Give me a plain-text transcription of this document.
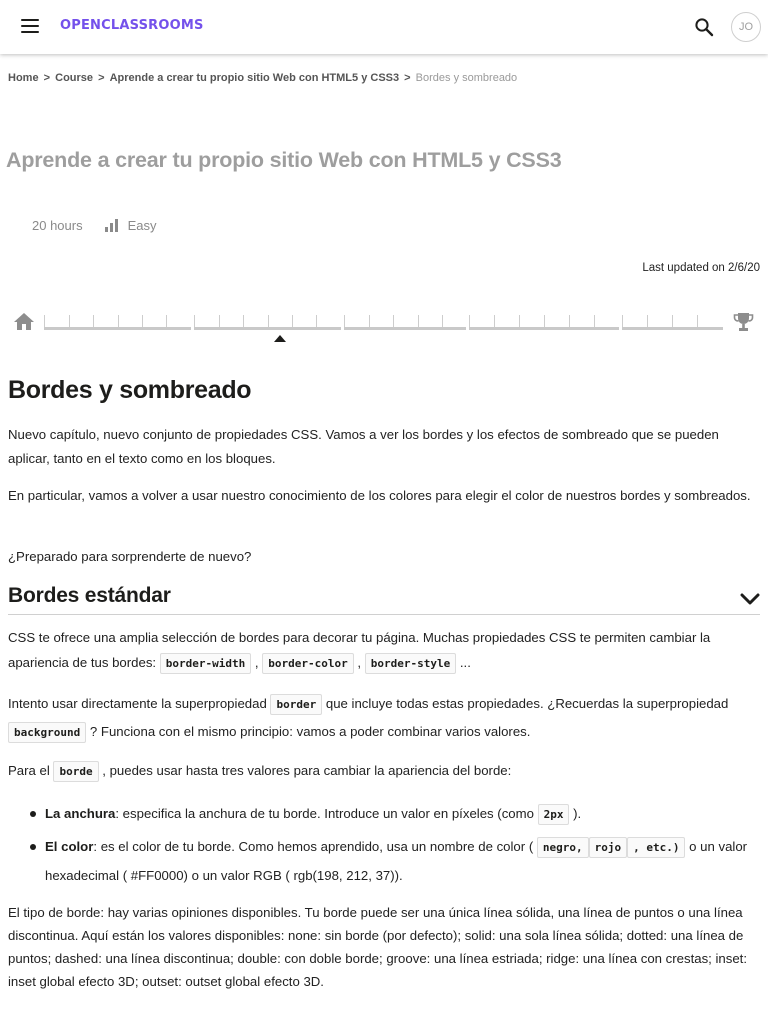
OPENCLASSROOMS	JO
Home > Course > Aprende a crear tu propio sitio Web con HTML5 y CSS3 > Bordes y sombreado
Aprende a crear tu propio sitio Web con HTML5 y CSS3
20 hours	Easy
Last updated on 2/6/20
Bordes y sombreado

Nuevo capítulo, nuevo conjunto de propiedades CSS. Vamos a ver los bordes y los efectos de sombreado que se pueden aplicar, tanto en el texto como en los bloques.

En particular, vamos a volver a usar nuestro conocimiento de los colores para elegir el color de nuestros bordes y sombreados.

¿Preparado para sorprenderte de nuevo?

Bordes estándar

CSS te ofrece una amplia selección de bordes para decorar tu página. Muchas propiedades CSS te permiten cambiar la apariencia de tus bordes: border-width , border-color , border-style ...

Intento usar directamente la superpropiedad border que incluye todas estas propiedades. ¿Recuerdas la superpropiedad background ? Funciona con el mismo principio: vamos a poder combinar varios valores.

Para el borde , puedes usar hasta tres valores para cambiar la apariencia del borde:

La anchura: especifica la anchura de tu borde. Introduce un valor en píxeles (como 2px ).
El color: es el color de tu borde. Como hemos aprendido, usa un nombre de color ( negro, rojo , etc.) o un valor hexadecimal ( #FF0000) o un valor RGB ( rgb(198, 212, 37)).

El tipo de borde: hay varias opiniones disponibles. Tu borde puede ser una única línea sólida, una línea de puntos o una línea discontinua. Aquí están los valores disponibles: none: sin borde (por defecto); solid: una sola línea sólida; dotted: una línea de puntos; dashed: una línea discontinua; double: con doble borde; groove: una línea estriada; ridge: una línea con crestas; inset: inset global efecto 3D; outset: outset global efecto 3D.
